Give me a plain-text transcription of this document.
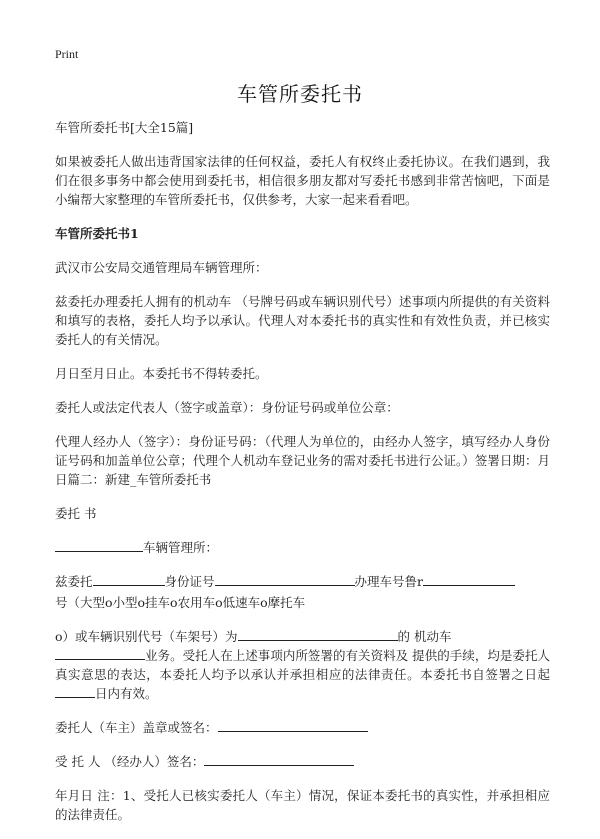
Print
车管所委托书

车管所委托书[大全15篇]

如果被委托人做出违背国家法律的任何权益，委托人有权终止委托协议。在我们遇到，我们在很多事务中都会使用到委托书，相信很多朋友都对写委托书感到非常苦恼吧，下面是小编帮大家整理的车管所委托书，仅供参考，大家一起来看看吧。

车管所委托书1

武汉市公安局交通管理局车辆管理所：

兹委托办理委托人拥有的机动车 （号牌号码或车辆识别代号）述事项内所提供的有关资料和填写的表格，委托人均予以承认。代理人对本委托书的真实性和有效性负责，并已核实委托人的有关情况。

月日至月日止。本委托书不得转委托。

委托人或法定代表人（签字或盖章）：身份证号码或单位公章：

代理人经办人（签字）：身份证号码：（代理人为单位的，由经办人签字，填写经办人身份证号码和加盖单位公章；代理个人机动车登记业务的需对委托书进行公证。）签署日期：月日篇二：新建_车管所委托书

委托 书

车辆管理所：

兹委托	身份证号	办理车号鲁r

号（大型o小型o挂车o农用车o低速车o摩托车

o）或车辆识别代号（车架号）为	的 机动车

业务。受托人在上述事项内所签署的有关资料及 提供的手续，均是委托人真实意思的表达，本委托人均予以承认并承担相应的法律责任。本委托书自签署之日起日内有效。

委托人（车主）盖章或签名：

受 托 人 （经办人）签名：

年月日 注：1、受托人已核实委托人（车主）情况，保证本委托书的真实性，并承担相应的法律责任。
